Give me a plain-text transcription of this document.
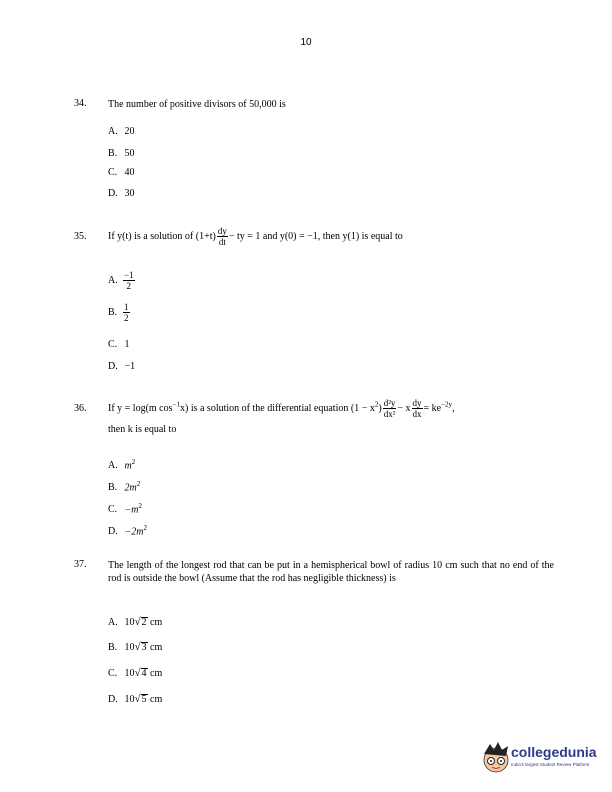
10
34.	The number of positive divisors of 50,000 is
A. 20
B. 50
C. 40
D. 30
35.	If y(t) is a solution of $(1+t) \frac{dy}{dt}$ − ty = 1 and y(0) = −1, then y(1) is equal to
A. $\frac{-1}{2}$
B. $\frac{1}{2}$
C. 1
D. −1
36.	If y = log(m $\cos^{-1}x$) is a solution of the differential equation $(1 - x^2) \frac{\text{d²y}}{\text{dx²}} - x \frac{dy}{dx} = ke^{-2y}$,
then k is equal to
A. $m^2$
B. $2m^2$
C. $-m^2$
D. $-2m^2$
37.	The length of the longest rod that can be put in a hemispherical bowl of radius 10 cm such that no end of the rod is outside the bowl (Assume that the rod has negligible thickness) is
A. 10√2 cm
B. 10√3 cm
C. 10√4 cm
D. 10√5 cm
collegedunia
India's largest Student Review Platform
